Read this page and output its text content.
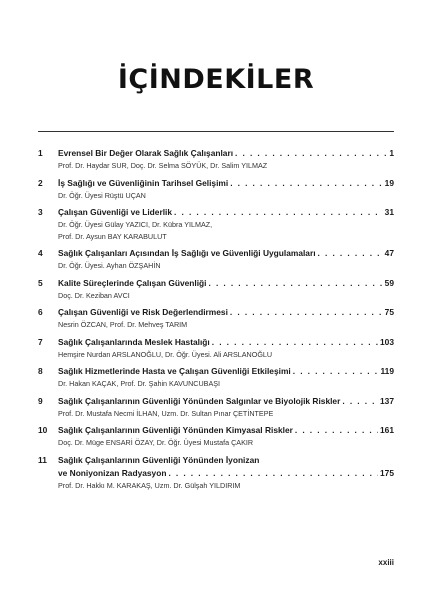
İÇİNDEKİLER
1	Evrensel Bir Değer Olarak Sağlık Çalışanları . . .	1
Prof. Dr. Haydar SUR, Doç. Dr. Selma SÖYÜK, Dr. Salim YILMAZ
2	İş Sağlığı ve Güvenliğinin Tarihsel Gelişimi . . .	19
Dr. Öğr. Üyesi Rüştü UÇAN
3	Çalışan Güvenliği ve Liderlik . . .	31
Dr. Öğr. Üyesi Gülay YAZICI, Dr. Kübra YILMAZ,
Prof. Dr. Aysun BAY KARABULUT
4	Sağlık Çalışanları Açısından İş Sağlığı ve Güvenliği Uygulamaları . . .	47
Dr. Öğr. Üyesi. Ayhan ÖZŞAHİN
5	Kalite Süreçlerinde Çalışan Güvenliği . . .	59
Doç. Dr. Keziban AVCI
6	Çalışan Güvenliği ve Risk Değerlendirmesi . . .	75
Nesrin ÖZCAN, Prof. Dr. Mehveş TARIM
7	Sağlık Çalışanlarında Meslek Hastalığı . . .	103
Hemşire Nurdan ARSLANOĞLU, Dr. Öğr. Üyesi. Ali ARSLANOĞLU
8	Sağlık Hizmetlerinde Hasta ve Çalışan Güvenliği Etkileşimi . . .	119
Dr. Hakan KAÇAK, Prof. Dr. Şahin KAVUNCUBAŞI
9	Sağlık Çalışanlarının Güvenliği Yönünden Salgınlar ve Biyolojik Riskler . . .	137
Prof. Dr. Mustafa Necmi İLHAN, Uzm. Dr. Sultan Pınar ÇETİNTEPE
10	Sağlık Çalışanlarının Güvenliği Yönünden Kimyasal Riskler . . .	161
Doç. Dr. Müge ENSARİ ÖZAY, Dr. Öğr. Üyesi Mustafa ÇAKIR
11	Sağlık Çalışanlarının Güvenliği Yönünden İyonizan
ve Noniyonizan Radyasyon . . .	175
Prof. Dr. Hakkı M. KARAKAŞ, Uzm. Dr. Gülşah YILDIRIM
xxiii
